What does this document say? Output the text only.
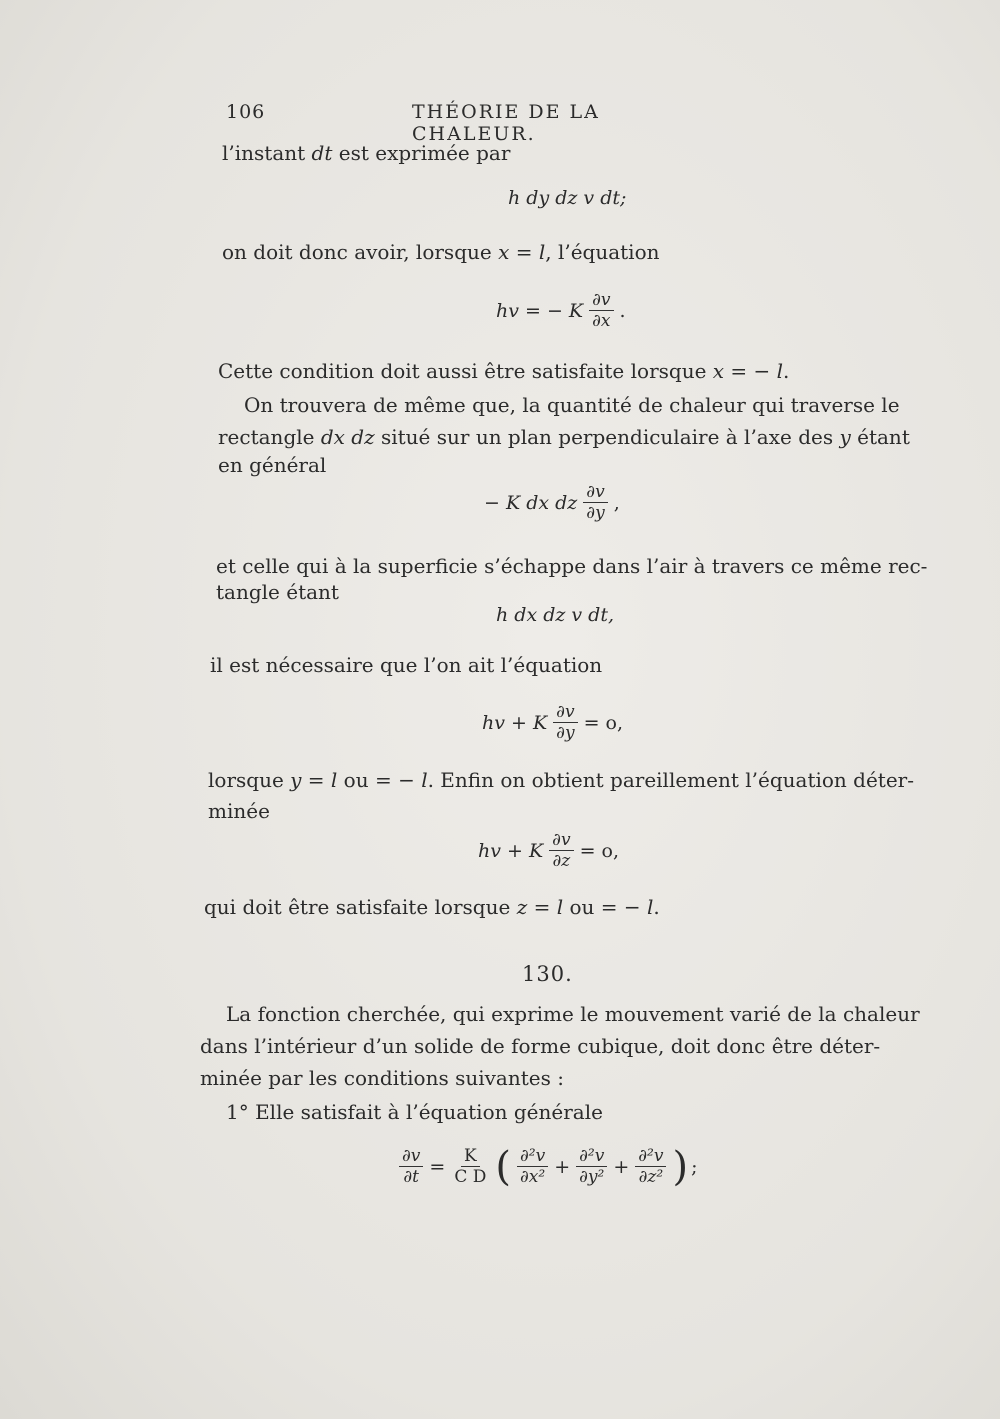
106	THÉORIE DE LA CHALEUR.
l’instant dt est exprimée par
h dy dz v dt;
on doit donc avoir, lorsque x = l, l’équation
hv = − K $\frac{\partial v}{\partial x}$ .
Cette condition doit aussi être satisfaite lorsque x = − l.
On trouvera de même que, la quantité de chaleur qui traverse le
rectangle dx dz situé sur un plan perpendiculaire à l’axe des y étant
en général
− K dx dz $\frac{\partial v}{\partial y}$ ,
et celle qui à la superficie s’échappe dans l’air à travers ce même rec-
tangle étant
h dx dz v dt,
il est nécessaire que l’on ait l’équation
hv + K $\frac{\partial v}{\partial y} = o$,
lorsque y = l ou = − l. Enfin on obtient pareillement l’équation déter-
minée
hv + K $\frac{\partial v}{\partial z} = o$,
qui doit être satisfaite lorsque z = l ou = − l.
130.
La fonction cherchée, qui exprime le mouvement varié de la chaleur
dans l’intérieur d’un solide de forme cubique, doit donc être déter-
minée par les conditions suivantes :
1° Elle satisfait à l’équation générale
$\frac{\partial v}{\partial t} = \frac{K}{\text{C D}}$ ( $\frac{\text{∂²v}}{\text{∂x²}} + \frac{\text{∂²v}}{\text{∂y²}} + \frac{\text{∂²v}}{\text{∂z²}}$ ) ;
